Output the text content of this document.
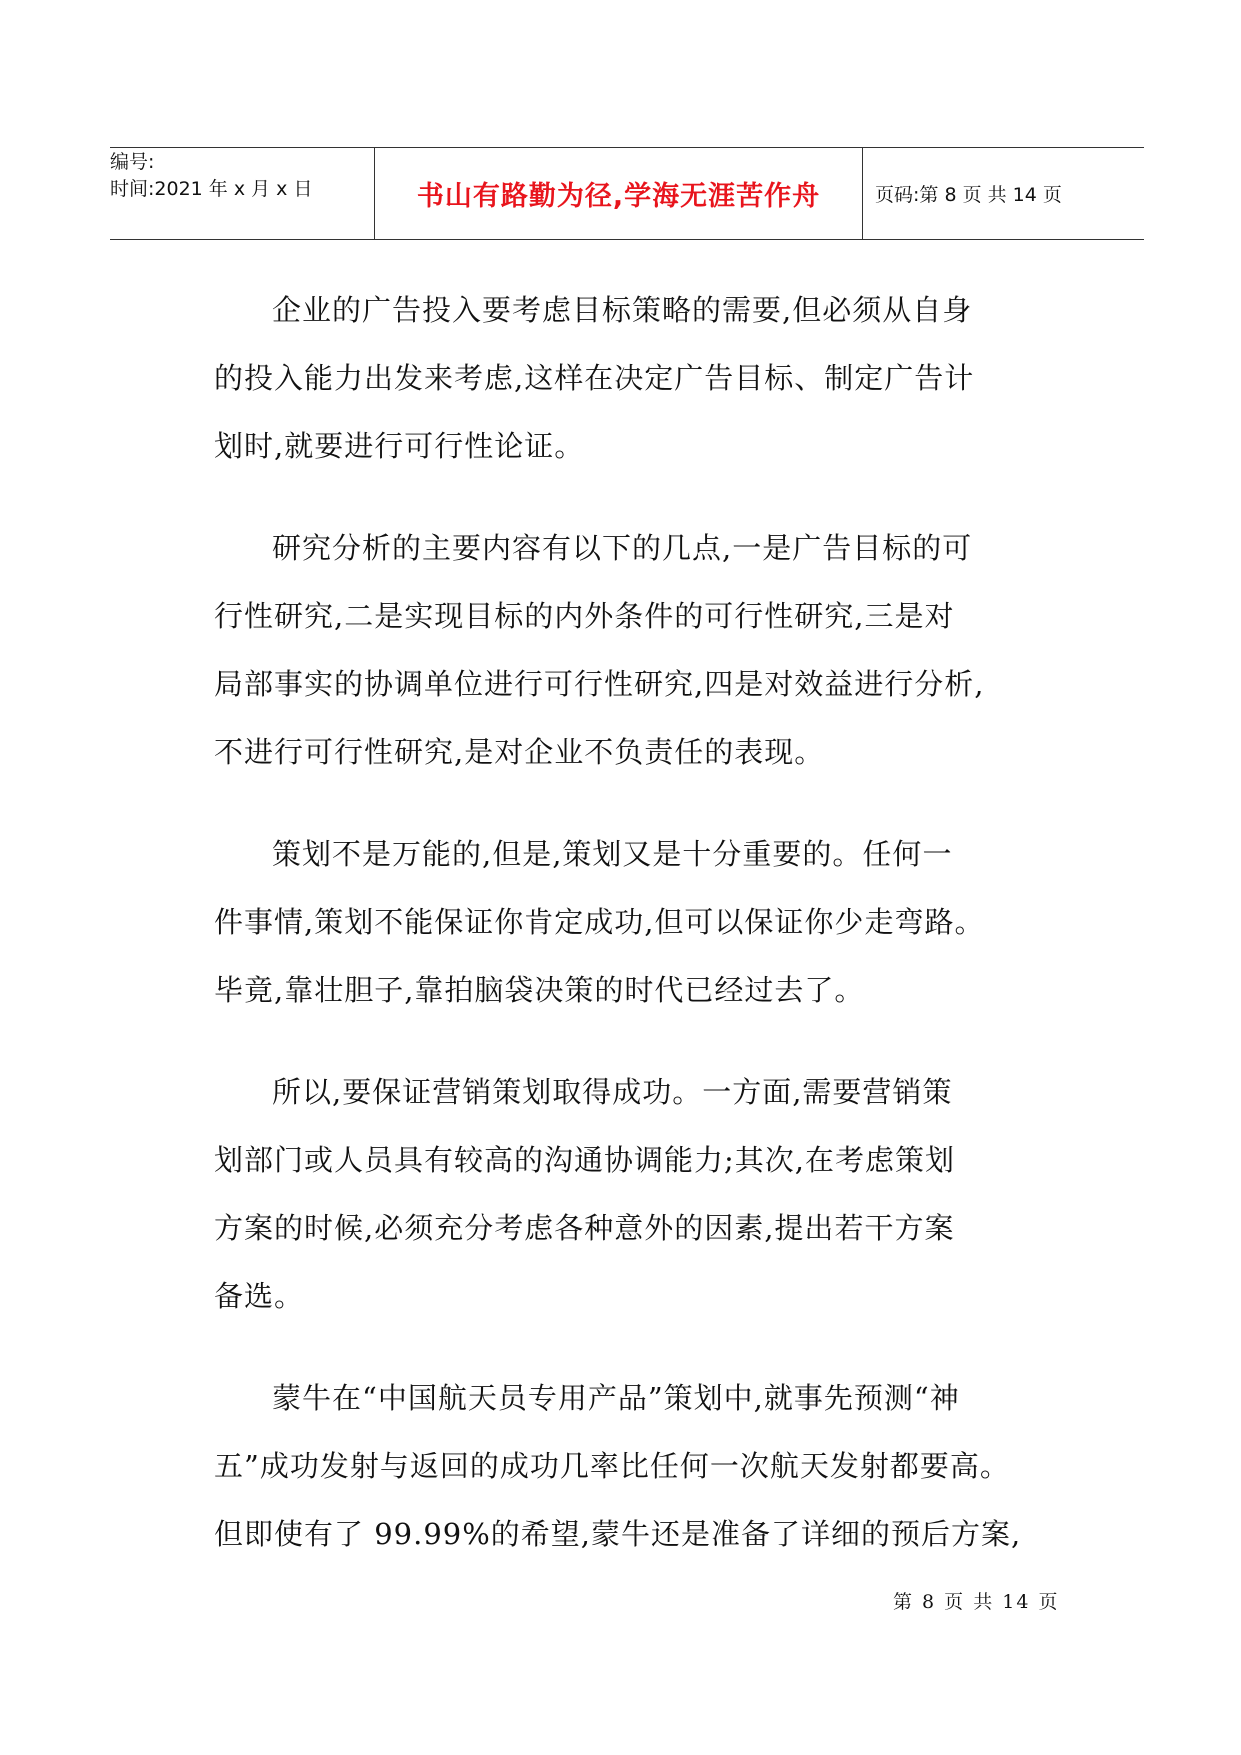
编号:
时间:2021 年 x 月 x 日	书山有路勤为径,学海无涯苦作舟	页码:第 8 页 共 14 页
企业的广告投入要考虑目标策略的需要,但必须从自身
的投入能力出发来考虑,这样在决定广告目标、制定广告计
划时,就要进行可行性论证。
研究分析的主要内容有以下的几点,一是广告目标的可
行性研究,二是实现目标的内外条件的可行性研究,三是对
局部事实的协调单位进行可行性研究,四是对效益进行分析,
不进行可行性研究,是对企业不负责任的表现。
策划不是万能的,但是,策划又是十分重要的。任何一
件事情,策划不能保证你肯定成功,但可以保证你少走弯路。
毕竟,靠壮胆子,靠拍脑袋决策的时代已经过去了。
所以,要保证营销策划取得成功。一方面,需要营销策
划部门或人员具有较高的沟通协调能力;其次,在考虑策划
方案的时候,必须充分考虑各种意外的因素,提出若干方案
备选。
蒙牛在“中国航天员专用产品”策划中,就事先预测“神
五”成功发射与返回的成功几率比任何一次航天发射都要高。
但即使有了 99.99%的希望,蒙牛还是准备了详细的预后方案,
第 8 页 共 14 页
